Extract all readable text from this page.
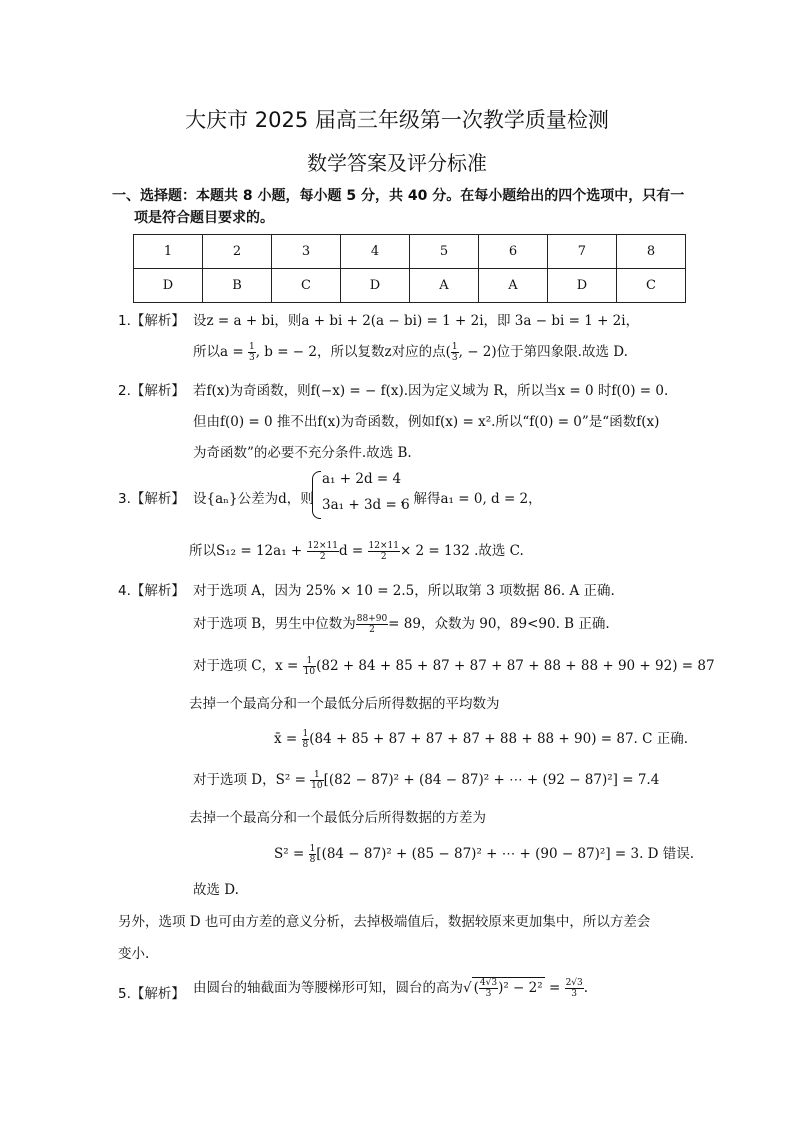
大庆市 2025 届高三年级第一次教学质量检测
数学答案及评分标准
一、选择题：本题共 8 小题，每小题 5 分，共 40 分。在每小题给出的四个选项中，只有一
项是符合题目要求的。
1	2	3	4	5	6	7	8
D	B	C	D	A	A	D	C
1.【解析】 设z = a + bi，则a + bi + 2(a − bi) = 1 + 2i，即 3a − bi = 1 + 2i，
所以$a = \frac{1}{3}$ , b = − 2，所以复数z对应的点( $\frac{1}{3}$ , − 2)位于第四象限.故选 D.
2.【解析】 若f(x)为奇函数，则f(−x) = − f(x).因为定义域为 R，所以当x = 0 时f(0) = 0.
但由f(0) = 0 推不出f(x)为奇函数，例如f(x) = x².所以“f(0) = 0”是“函数f(x)
为奇函数”的必要不充分条件.故选 B.
3.【解析】 设{aₙ}公差为d，则
a₁ + 2d = 4
3a₁ + 3d = 6
，解得a₁ = 0, d = 2，
所以$S_{12} = 12a_1 + \frac{12\times 11}{2}$ $d = \frac{12\times 11}{2} \times 2 = 132$ .故选 C.
4.【解析】 对于选项 A，因为 25% × 10 = 2.5，所以取第 3 项数据 86. A 正确.
对于选项 B，男生中位数为 $\frac{88+90}{2} = 89$，众数为 90，89<90. B 正确.
对于选项 C，$x = \frac{1}{10} (82 + 84 + 85 + 87 + 87 + 87 + 88 + 88 + 90 + 92) = 87$
去掉一个最高分和一个最低分后所得数据的平均数为
x̄ = $\frac{1}{8} (84 + 85 + 87 + 87 + 87 + 88 + 88 + 90) = 87$. C 正确.
对于选项 D，$S^2 = \frac{1}{10} [(82 - 87)^2 + (84 - 87)^2$ + ⋯ + (92 − 87)²] = 7.4
去掉一个最高分和一个最低分后所得数据的方差为
$S^2 = \frac{1}{8} [(84 - 87)^2 + (85 - 87)^2$ + ⋯ + (90 − 87)²] = 3. D 错误.
故选 D.
另外，选项 D 也可由方差的意义分析，去掉极端值后，数据较原来更加集中，所以方差会
变小.
5.【解析】 由圆台的轴截面为等腰梯形可知，圆台的高为√ ( $\frac{4√3}{3} )^2 - 2^2 = \frac{2√3}{3}$ .
